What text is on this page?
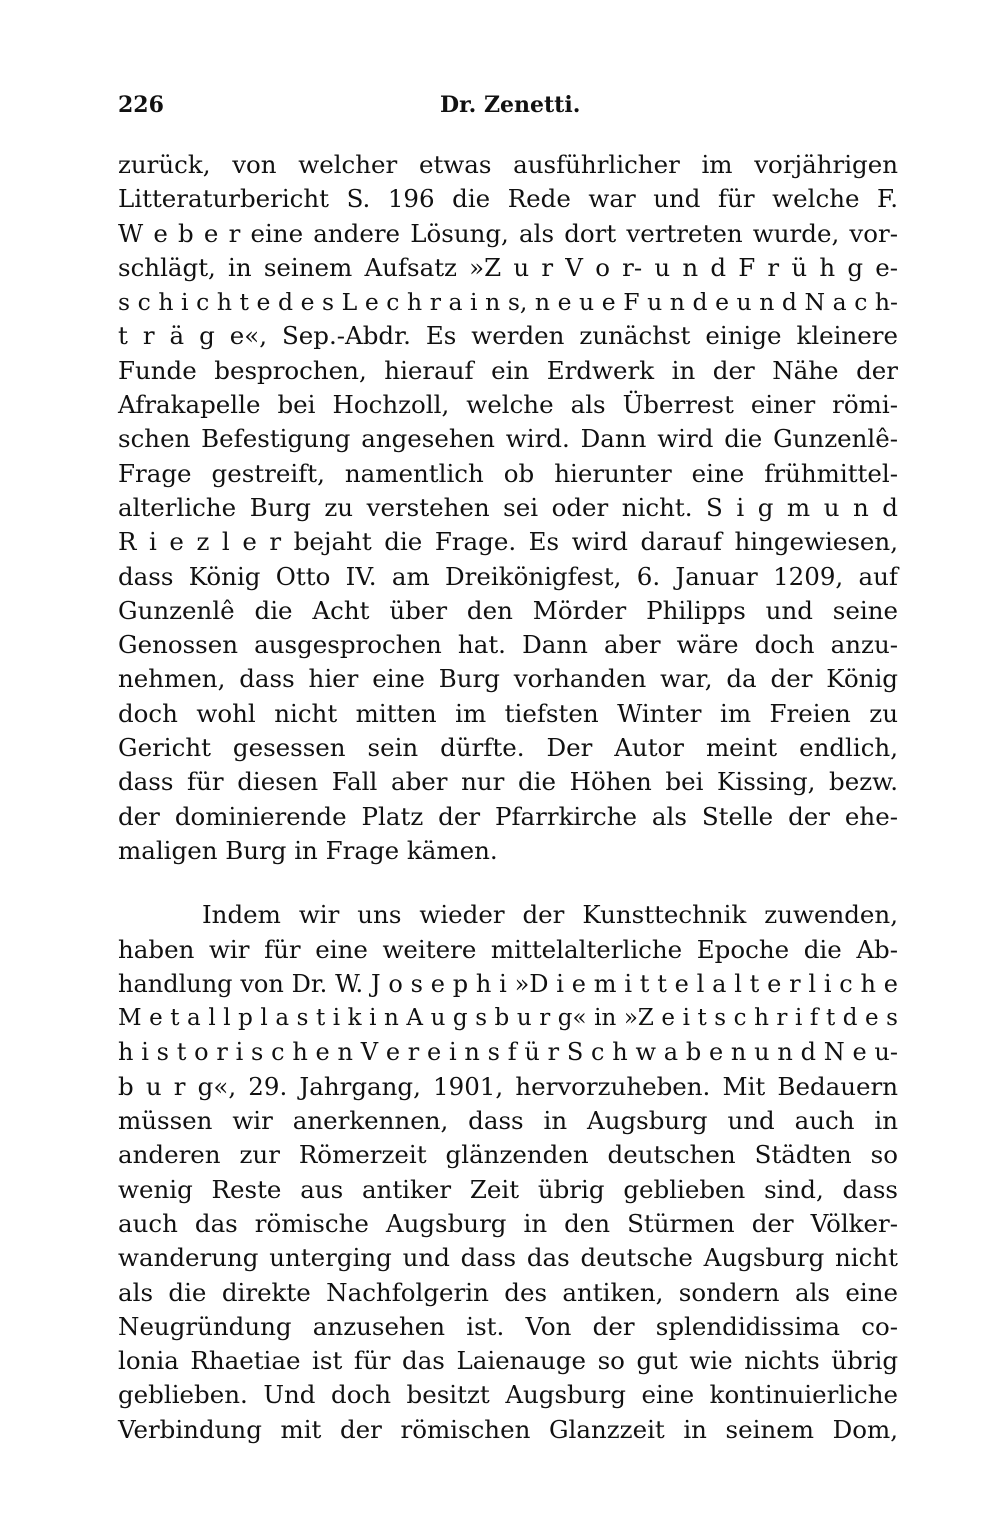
226	Dr. Zenetti.
zurück, von welcher etwas ausführlicher im vorjährigen
Litteraturbericht S. 196 die Rede war und für welche F.
W e b e r eine andere Lösung, als dort vertreten wurde, vor-
schlägt, in seinem Aufsatz »Z u r V o r- u n d F r ü h g e-
s c h i c h t e d e s L e c h r a i n s, n e u e F u n d e u n d N a c h-
t r ä g e«, Sep.-Abdr. Es werden zunächst einige kleinere
Funde besprochen, hierauf ein Erdwerk in der Nähe der
Afrakapelle bei Hochzoll, welche als Überrest einer römi-
schen Befestigung angesehen wird. Dann wird die Gunzenlê-
Frage gestreift, namentlich ob hierunter eine frühmittel-
alterliche Burg zu verstehen sei oder nicht. S i g m u n d
R i e z l e r bejaht die Frage. Es wird darauf hingewiesen,
dass König Otto IV. am Dreikönigfest, 6. Januar 1209, auf
Gunzenlê die Acht über den Mörder Philipps und seine
Genossen ausgesprochen hat. Dann aber wäre doch anzu-
nehmen, dass hier eine Burg vorhanden war, da der König
doch wohl nicht mitten im tiefsten Winter im Freien zu
Gericht gesessen sein dürfte. Der Autor meint endlich,
dass für diesen Fall aber nur die Höhen bei Kissing, bezw.
der dominierende Platz der Pfarrkirche als Stelle der ehe-
maligen Burg in Frage kämen.
Indem wir uns wieder der Kunsttechnik zuwenden,
haben wir für eine weitere mittelalterliche Epoche die Ab-
handlung von Dr. W. J o s e p h i »D i e m i t t e l a l t e r l i c h e
M e t a l l p l a s t i k i n A u g s b u r g« in »Z e i t s c h r i f t d e s
h i s t o r i s c h e n V e r e i n s f ü r S c h w a b e n u n d N e u-
b u r g«, 29. Jahrgang, 1901, hervorzuheben. Mit Bedauern
müssen wir anerkennen, dass in Augsburg und auch in
anderen zur Römerzeit glänzenden deutschen Städten so
wenig Reste aus antiker Zeit übrig geblieben sind, dass
auch das römische Augsburg in den Stürmen der Völker-
wanderung unterging und dass das deutsche Augsburg nicht
als die direkte Nachfolgerin des antiken, sondern als eine
Neugründung anzusehen ist. Von der splendidissima co-
lonia Rhaetiae ist für das Laienauge so gut wie nichts übrig
geblieben. Und doch besitzt Augsburg eine kontinuierliche
Verbindung mit der römischen Glanzzeit in seinem Dom,
